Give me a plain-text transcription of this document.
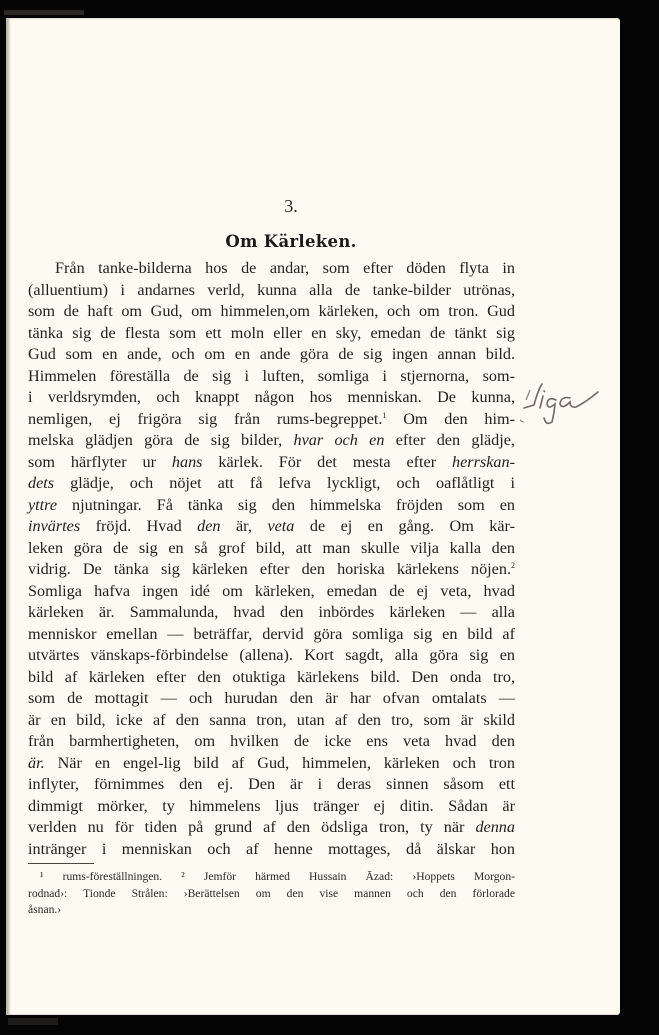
3.
Om Kärleken.
Från tanke-bilderna hos de andar, som efter döden flyta in
(alluentium) i andarnes verld, kunna alla de tanke-bilder utrönas,
som de haft om Gud, om himmelen,om kärleken, och om tron. Gud
tänka sig de flesta som ett moln eller en sky, emedan de tänkt sig
Gud som en ande, och om en ande göra de sig ingen annan bild.
Himmelen föreställa de sig i luften, somliga i stjernorna, som-
i verldsrymden, och knappt någon hos menniskan. De kunna,
nemligen, ej frigöra sig från rums-begreppet.$^1$ Om den him-
melska glädjen göra de sig bilder, hvar och en efter den glädje,
som härflyter ur hans kärlek. För det mesta efter herrskan-
dets glädje, och nöjet att få lefva lyckligt, och oaflåtligt i
yttre njutningar. Få tänka sig den himmelska fröjden som en
invärtes fröjd. Hvad den är, veta de ej en gång. Om kär-
leken göra de sig en så grof bild, att man skulle vilja kalla den
vidrig. De tänka sig kärleken efter den horiska kärlekens nöjen.$^2$
Somliga hafva ingen idé om kärleken, emedan de ej veta, hvad
kärleken är. Sammalunda, hvad den inbördes kärleken — alla
menniskor emellan — beträffar, dervid göra somliga sig en bild af
utvärtes vänskaps-förbindelse (allena). Kort sagdt, alla göra sig en
bild af kärleken efter den otuktiga kärlekens bild. Den onda tro,
som de mottagit — och hurudan den är har ofvan omtalats —
är en bild, icke af den sanna tron, utan af den tro, som är skild
från barmhertigheten, om hvilken de icke ens veta hvad den
är. När en engel-lig bild af Gud, himmelen, kärleken och tron
inflyter, förnimmes den ej. Den är i deras sinnen såsom ett
dimmigt mörker, ty himmelens ljus tränger ej ditin. Sådan är
verlden nu för tiden på grund af den ödsliga tron, ty när denna
intränger i menniskan och af henne mottages, då älskar hon
¹ rums-föreställningen. ² Jemför härmed Hussain Āzad: ›Hoppets Morgon-
rodnad›: Tionde Strålen: ›Berättelsen om den vise mannen och den förlorade
åsnan.›
